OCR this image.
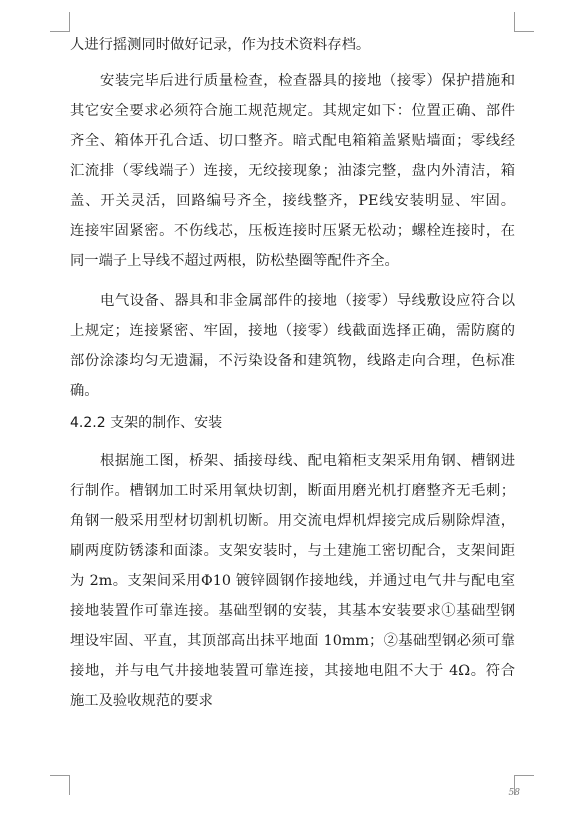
人进行摇测同时做好记录，作为技术资料存档。
安装完毕后进行质量检查，检查器具的接地（接零）保护措施和
其它安全要求必须符合施工规范规定。其规定如下：位置正确、部件
齐全、箱体开孔合适、切口整齐。暗式配电箱箱盖紧贴墙面；零线经
汇流排（零线端子）连接，无绞接现象；油漆完整，盘内外清洁，箱
盖、开关灵活，回路编号齐全，接线整齐，PE线安装明显、牢固。
连接牢固紧密。不伤线芯，压板连接时压紧无松动；螺栓连接时，在
同一端子上导线不超过两根，防松垫圈等配件齐全。
电气设备、器具和非金属部件的接地（接零）导线敷设应符合以
上规定；连接紧密、牢固，接地（接零）线截面选择正确，需防腐的
部份涂漆均匀无遗漏，不污染设备和建筑物，线路走向合理，色标准
确。
4.2.2 支架的制作、安装
根据施工图，桥架、插接母线、配电箱柜支架采用角钢、槽钢进
行制作。槽钢加工时采用氧炔切割，断面用磨光机打磨整齐无毛刺；
角钢一般采用型材切割机切断。用交流电焊机焊接完成后剔除焊渣，
刷两度防锈漆和面漆。支架安装时，与土建施工密切配合，支架间距
为 2m。支架间采用Φ10 镀锌圆钢作接地线，并通过电气井与配电室
接地装置作可靠连接。基础型钢的安装，其基本安装要求①基础型钢
埋设牢固、平直，其顶部高出抹平地面 10mm；②基础型钢必须可靠
接地，并与电气井接地装置可靠连接，其接地电阻不大于 4Ω。符合
施工及验收规范的要求
58
